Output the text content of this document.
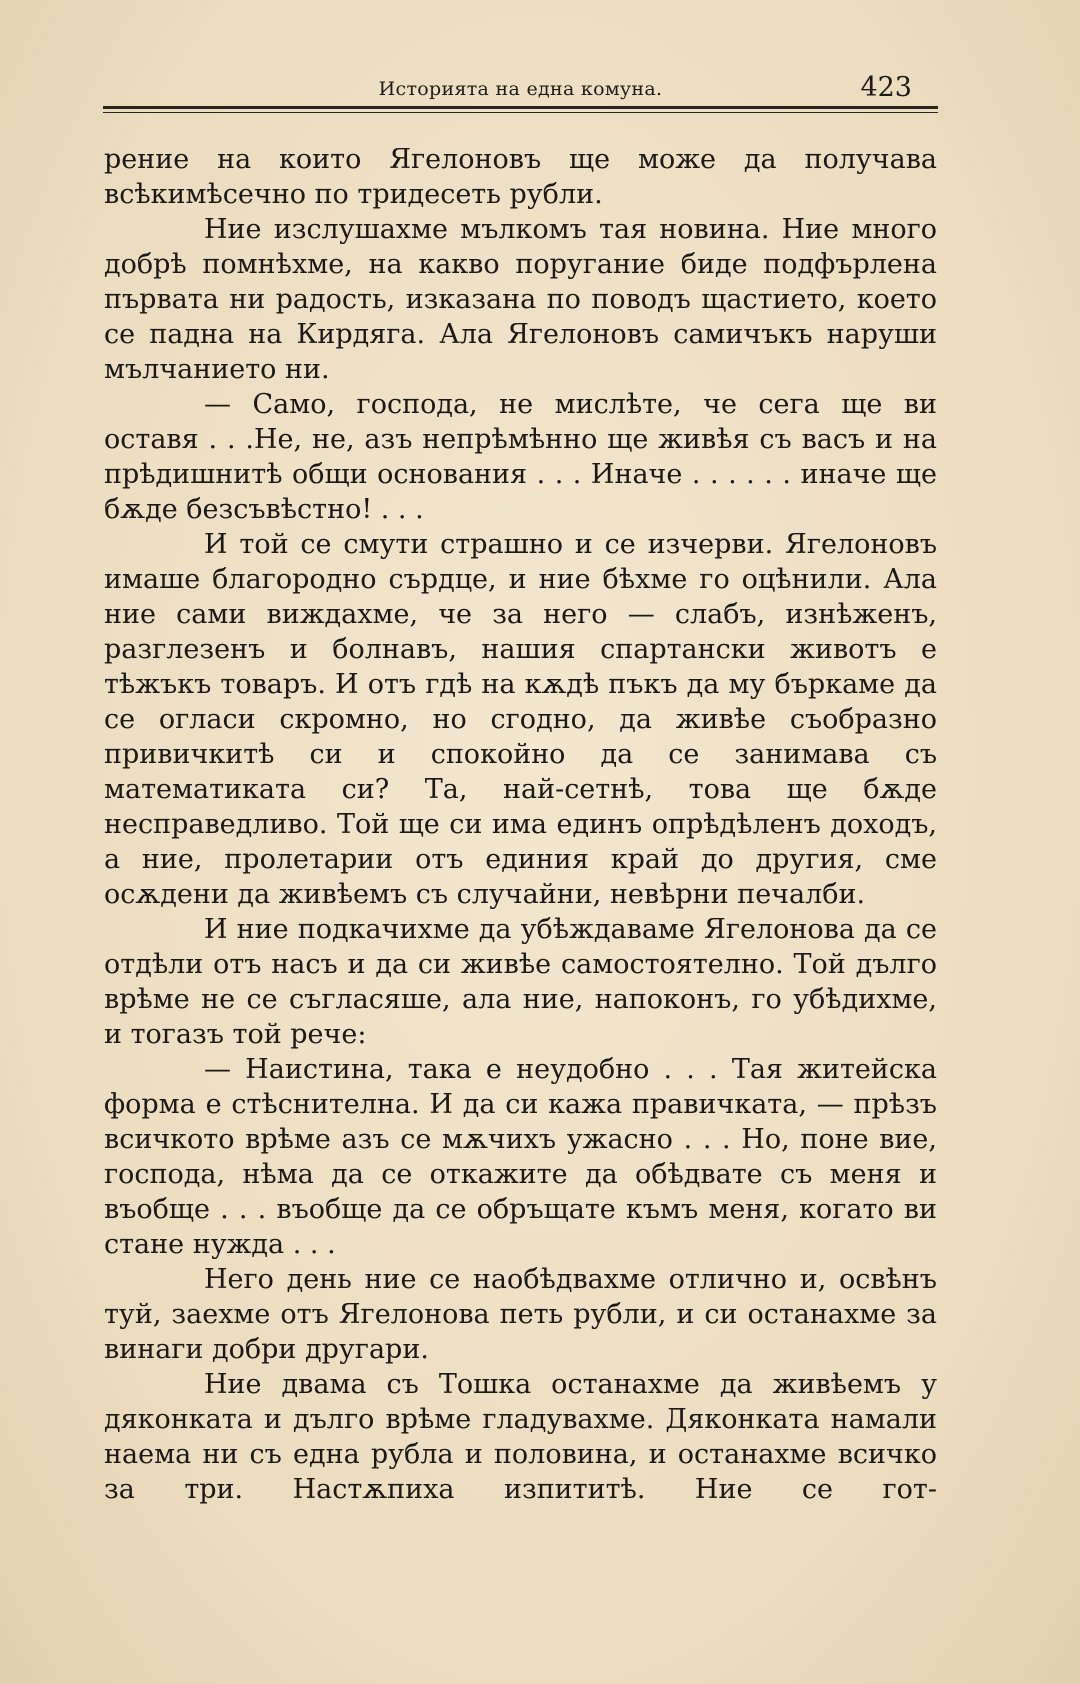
Историята на една комуна.	423

рение на които Ягелоновъ ще може да получава всѣкимѣсечно по тридесеть рубли.

Ние изслушахме мълкомъ тая новина. Ние много добрѣ помнѣхме, на какво поругание биде подфърлена първата ни радость, изказана по поводъ щастието, което се падна на Кирдяга. Ала Ягелоновъ самичъкъ наруши мълчанието ни.

— Само, господа, не мислѣте, че сега ще ви оставя . . .Не, не, азъ непрѣмѣнно ще живѣя съ васъ и на прѣдишнитѣ общи основания . . . Иначе . . . . . . иначе ще бѫде безсъвѣстно! . . .

И той се смути страшно и се изчерви. Ягелоновъ имаше благородно сърдце, и ние бѣхме го оцѣнили. Ала ние сами виждахме, че за него — слабъ, изнѣженъ, разглезенъ и болнавъ, нашия спартански животъ е тѣжъкъ товаръ. И отъ гдѣ на кѫдѣ пъкъ да му бъркаме да се огласи скромно, но сгодно, да живѣе съобразно привичкитѣ си и спокойно да се занимава съ математиката си? Та, най-сетнѣ, това ще бѫде несправедливо. Той ще си има единъ опрѣдѣленъ доходъ, а ние, пролетарии отъ единия край до другия, сме осѫдени да живѣемъ съ случайни, невѣрни печалби.

И ние подкачихме да убѣждаваме Ягелонова да се отдѣли отъ насъ и да си живѣе самостоятелно. Той дълго врѣме не се съгласяше, ала ние, напоконъ, го убѣдихме, и тогазъ той рече:

— Наистина, така е неудобно . . . Тая житейска форма е стѣснителна. И да си кажа правичката, — прѣзъ всичкото врѣме азъ се мѫчихъ ужасно . . . Но, поне вие, господа, нѣма да се откажите да обѣдвате съ меня и въобще . . . въобще да се обръщате къмъ меня, когато ви стане нужда . . .

Него день ние се наобѣдвахме отлично и, освѣнъ туй, заехме отъ Ягелонова петь рубли, и си останахме за винаги добри другари.

Ние двама съ Тошка останахме да живѣемъ у дяконката и дълго врѣме гладувахме. Дяконката намали наема ни съ една рубла и половина, и останахме всичко за три. Настѫпиха изпититѣ. Ние се гот-
